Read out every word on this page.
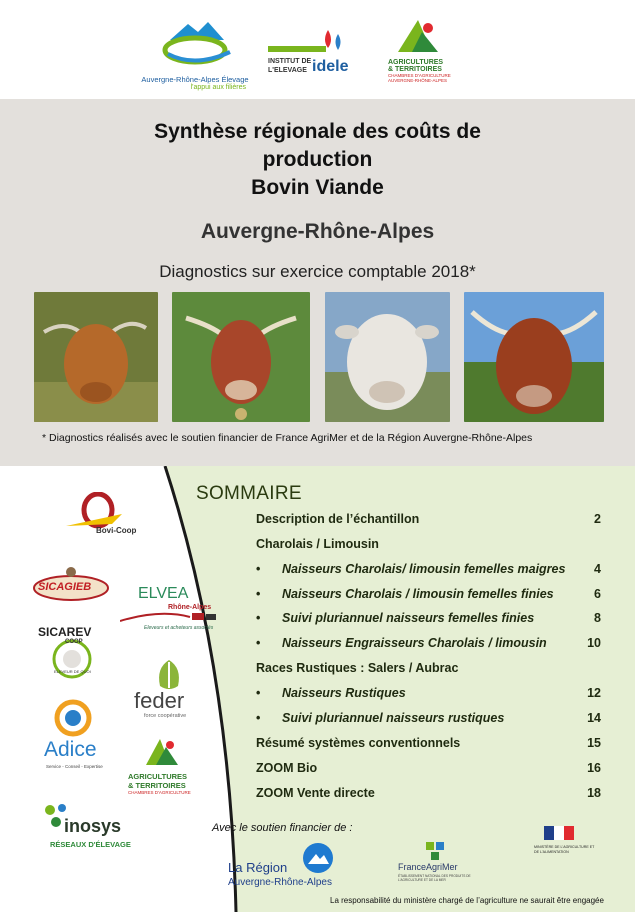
Auvergne-Rhône-Alpes Élevage
l'appui aux filières
INSTITUT DE
L'ELEVAGE idele	AGRICULTURES
& TERRITOIRES
CHAMBRES D'AGRICULTURE
AUVERGNE-RHÔNE-ALPES
Synthèse régionale des coûts de
production
Bovin Viande
Auvergne-Rhône-Alpes
Diagnostics sur exercice comptable 2018*
* Diagnostics réalisés avec le soutien financier de France AgriMer et de la Région Auvergne-Rhône-Alpes
Bovi-Coop
SICAGIEB	ELVEA
Rhône-Alpes
Eleveurs et acheteurs associés
SICAREV
COOP
ELEVEUR DE QUOI
feder
force coopérative
Adice
Service - Conseil - Expertise
AGRICULTURES
& TERRITOIRES
CHAMBRES D'AGRICULTURE
inosys
RÉSEAUX D'ÉLEVAGE
SOMMAIRE
Description de l’échantillon	2
Charolais / Limousin
• Naisseurs Charolais/ limousin femelles maigres 4
• Naisseurs Charolais / limousin femelles finies	6
• Suivi pluriannuel naisseurs femelles finies	8
• Naisseurs Engraisseurs Charolais / limousin	10
Races Rustiques : Salers / Aubrac
• Naisseurs Rustiques	12
• Suivi pluriannuel naisseurs rustiques	14
Résumé systèmes conventionnels	15
ZOOM Bio	16
ZOOM Vente directe	18
Avec le soutien financier de :
La Région
Auvergne-Rhône-Alpes
FranceAgriMer
ÉTABLISSEMENT NATIONAL DES PRODUITS DE L'AGRICULTURE ET DE LA MER
MINISTÈRE DE L'AGRICULTURE ET DE L'ALIMENTATION
La responsabilité du ministère chargé de l’agriculture ne saurait être engagée
